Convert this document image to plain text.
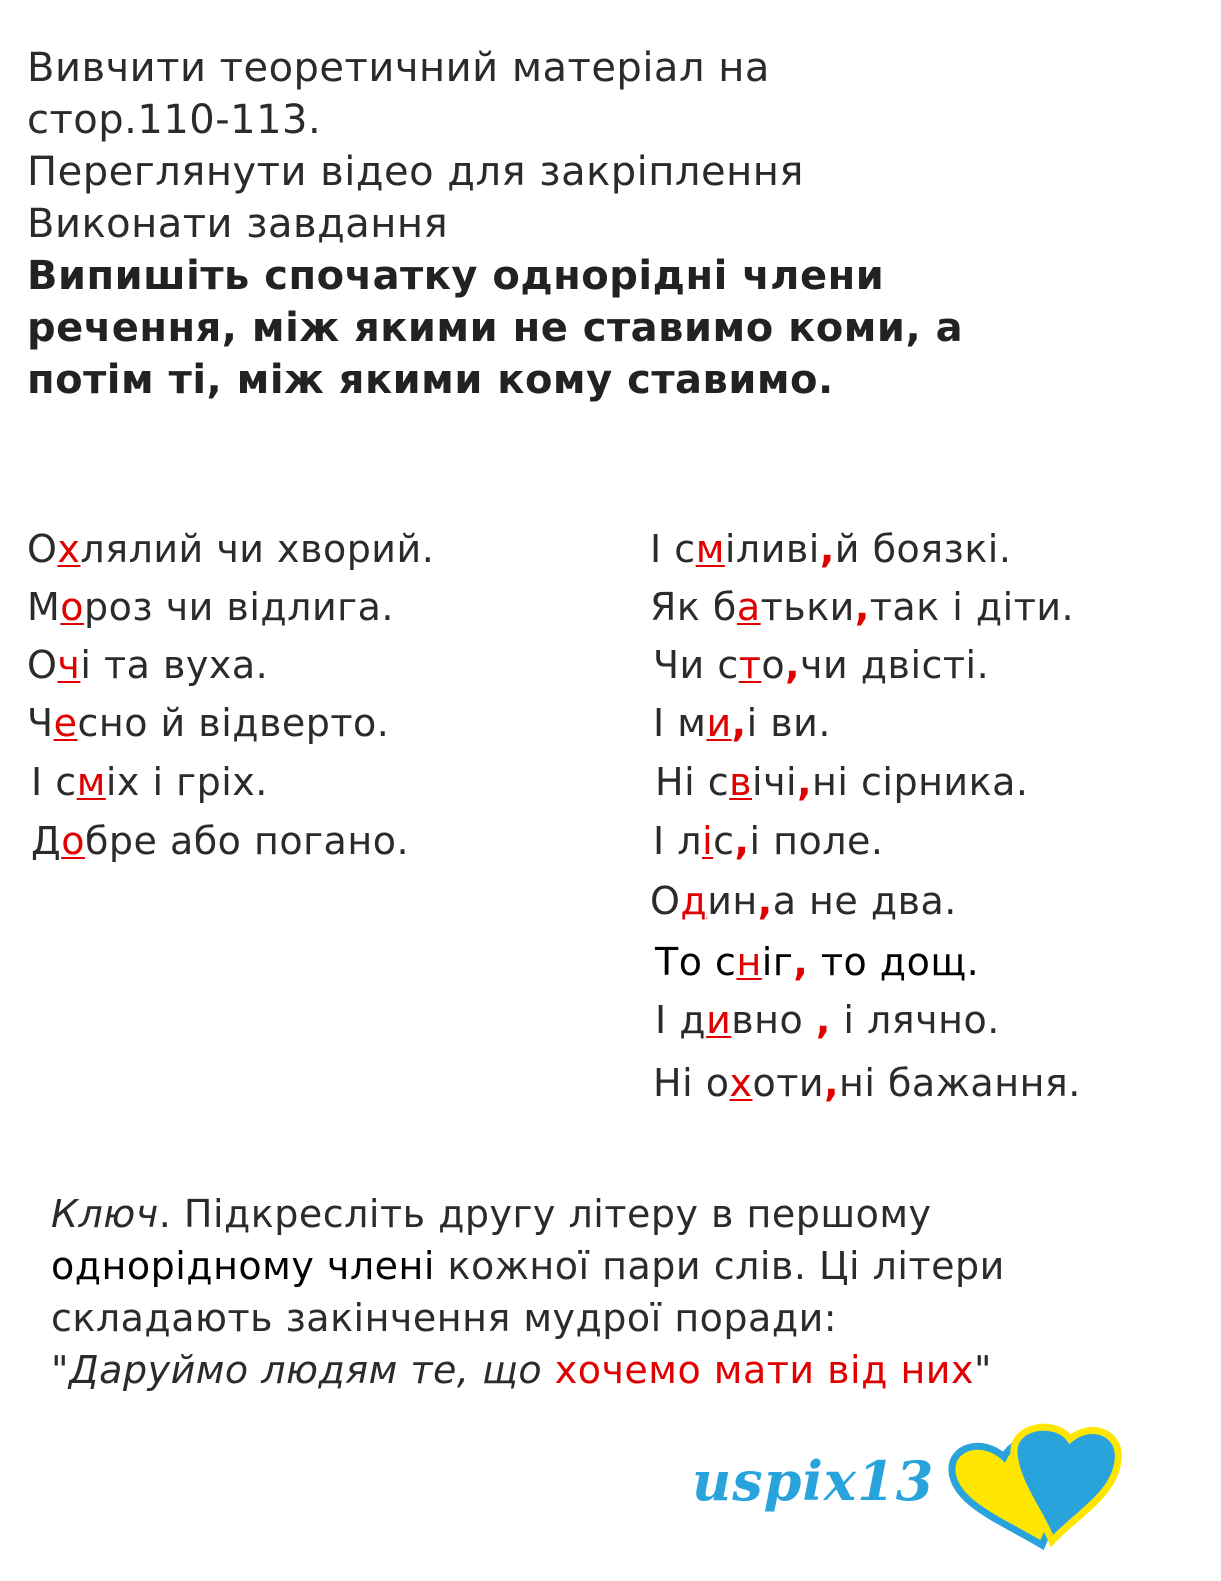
Вивчити теоретичний матеріал на
стор.110-113.
Переглянути відео для закріплення
Виконати завдання
Випишіть спочатку однорідні члени
речення, між якими не ставимо коми, а
потім ті, між якими кому ставимо.
Охлялий чи хворий.
Мороз чи відлига.
Очі та вуха.
Чесно й відверто.
І сміх і гріх.
Добре або погано.
І сміливі,й боязкі.
Як батьки,так і діти.
Чи сто,чи двісті.
І ми,і ви.
Ні свічі,ні сірника.
І ліс,і поле.
Один,а не два.
То сніг, то дощ.
І дивно , і лячно.
Ні охоти,ні бажання.
Ключ. Підкресліть другу літеру в першому
однорідному члені кожної пари слів. Ці літери
складають закінчення мудрої поради:
"Даруймо людям те, що хочемо мати від них"
uspix13
